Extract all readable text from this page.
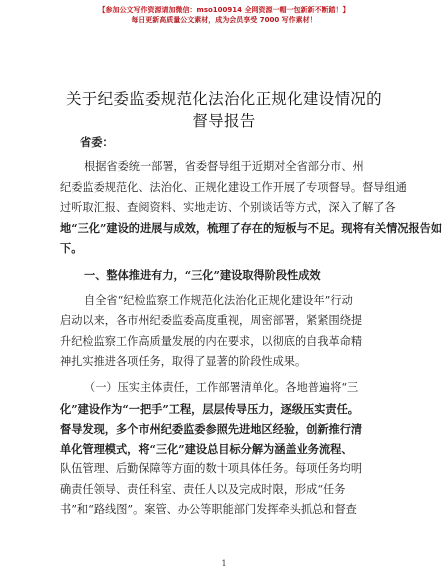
【参加公文写作资源请加微信：mso100914 全网资源一帽一包新新不断踏！】
每日更新高质量公文素材，成为会员享受 7000 写作素材！
关于纪委监委规范化法治化正规化建设情况的
督导报告
省委：
根据省委统一部署，省委督导组于近期对全省部分市、州
纪委监委规范化、法治化、正规化建设工作开展了专项督导。督导组通
过听取汇报、查阅资料、实地走访、个别谈话等方式，深入了解了各
地“三化”建设的进展与成效，梳理了存在的短板与不足。现将有关情况报告如
下。
一、整体推进有力，“三化”建设取得阶段性成效
自全省“纪检监察工作规范化法治化正规化建设年”行动
启动以来，各市州纪委监委高度重视，周密部署，紧紧围绕提
升纪检监察工作高质量发展的内在要求，以彻底的自我革命精
神扎实推进各项任务，取得了显著的阶段性成果。
（一）压实主体责任，工作部署清单化。各地普遍将“三
化”建设作为“一把手”工程，层层传导压力，逐级压实责任。
督导发现，多个市州纪委监委参照先进地区经验，创新推行清
单化管理模式，将“三化”建设总目标分解为涵盖业务流程、
队伍管理、后勤保障等方面的数十项具体任务。每项任务均明
确责任领导、责任科室、责任人以及完成时限，形成“任务
书”和“路线图”。案管、办公等职能部门发挥牵头抓总和督查
1
